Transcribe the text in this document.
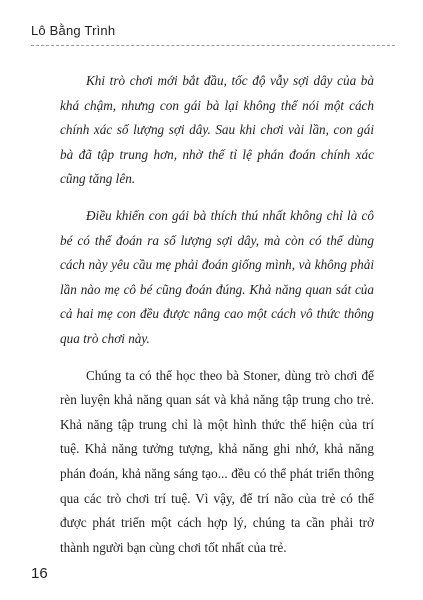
Lô Bằng Trình

Khi trò chơi mới bắt đầu, tốc độ vẫy sợi dây của bà khá chậm, nhưng con gái bà lại không thể nói một cách chính xác số lượng sợi dây. Sau khi chơi vài lần, con gái bà đã tập trung hơn, nhờ thế tỉ lệ phán đoán chính xác cũng tăng lên.

Điều khiến con gái bà thích thú nhất không chỉ là cô bé có thể đoán ra số lượng sợi dây, mà còn có thể dùng cách này yêu cầu mẹ phải đoán giống mình, và không phải lần nào mẹ cô bé cũng đoán đúng. Khả năng quan sát của cả hai mẹ con đều được nâng cao một cách vô thức thông qua trò chơi này.

Chúng ta có thể học theo bà Stoner, dùng trò chơi để rèn luyện khả năng quan sát và khả năng tập trung cho trẻ. Khả năng tập trung chỉ là một hình thức thể hiện của trí tuệ. Khả năng tưởng tượng, khả năng ghi nhớ, khả năng phán đoán, khả năng sáng tạo... đều có thể phát triển thông qua các trò chơi trí tuệ. Vì vậy, để trí não của trẻ có thể được phát triển một cách hợp lý, chúng ta cần phải trở thành người bạn cùng chơi tốt nhất của trẻ.

16
